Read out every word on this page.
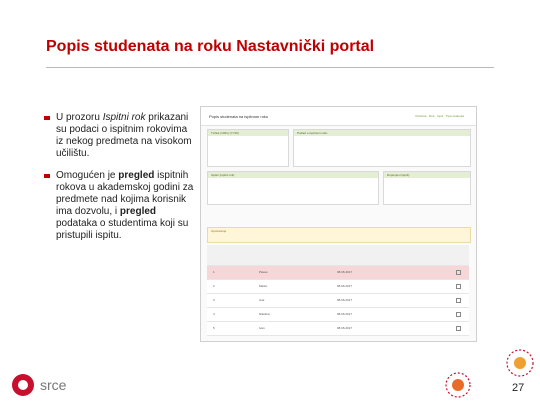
Popis studenata na roku Nastavnički portal
U prozoru Ispitni rok prikazani su podaci o ispitnim rokovima iz nekog predmeta na visokom učilištu.
Omogućen je pregled ispitnih rokova u akademskoj godini za predmete nad kojima korisnik ima dozvolu, i pregled podataka o studentima koji su pristupili ispitu.
Popis studenata na ispitnom roku	Početna · Rok · Ispiti · Tipa studenta
Tvrtka (1021) (Y=30)	Podaci o ispitnom roku
Ispitni (ispitni rok)	Dopunjeni (ispiti)
Upozorenje
1	Pavao	08.06.2017
2	Marko	08.06.2017
3	Ana	08.06.2017
4	Nikolina	08.06.2017
5	Ivan	08.06.2017
srce	27
